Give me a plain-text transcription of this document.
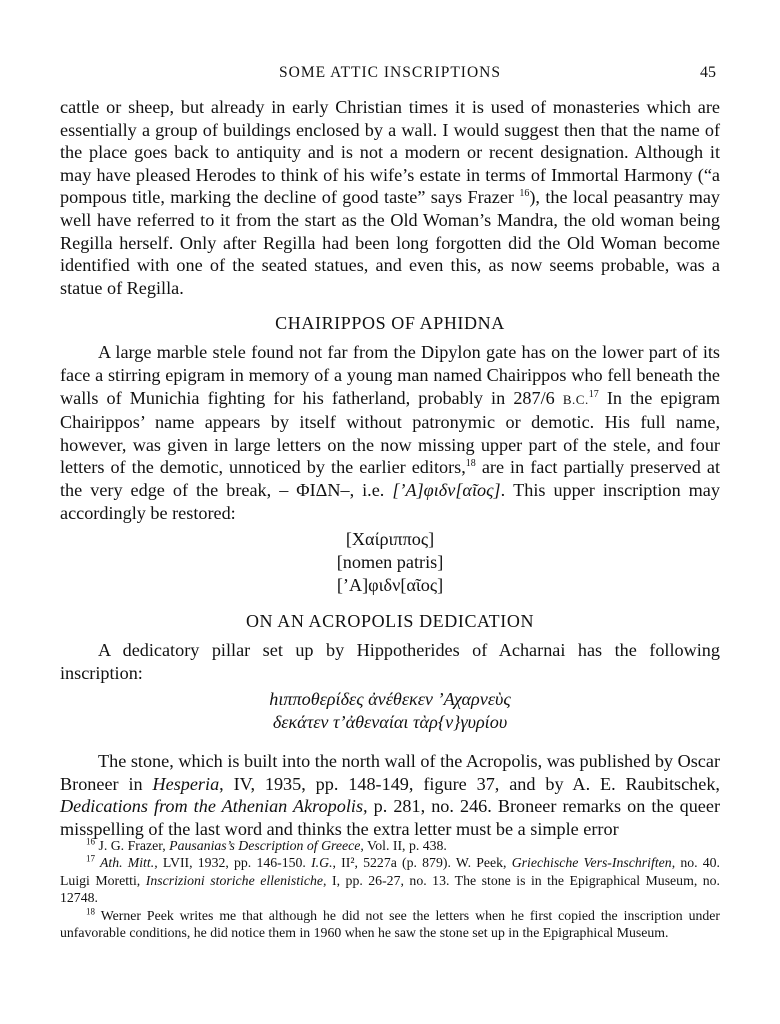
SOME ATTIC INSCRIPTIONS	45

cattle or sheep, but already in early Christian times it is used of monasteries which are essentially a group of buildings enclosed by a wall. I would suggest then that the name of the place goes back to antiquity and is not a modern or recent designation. Although it may have pleased Herodes to think of his wife’s estate in terms of Immortal Harmony (“a pompous title, marking the decline of good taste” says Frazer $^{16}$), the local peasantry may well have referred to it from the start as the Old Woman’s Mandra, the old woman being Regilla herself. Only after Regilla had been long forgotten did the Old Woman become identified with one of the seated statues, and even this, as now seems probable, was a statue of Regilla.

CHAIRIPPOS OF APHIDNA

A large marble stele found not far from the Dipylon gate has on the lower part of its face a stirring epigram in memory of a young man named Chairippos who fell beneath the walls of Munichia fighting for his fatherland, probably in 287/6 B.C.$^{17}$ In the epigram Chairippos’ name appears by itself without patronymic or demotic. His full name, however, was given in large letters on the now missing upper part of the stele, and four letters of the demotic, unnoticed by the earlier editors,$^{18}$ are in fact partially preserved at the very edge of the break, – ΦΙΔΝ–, i.e. [’Α]φιδν[αῖος]. This upper inscription may accordingly be restored:

[Χαίριππος]
[nomen patris]
[’Α]φιδν[αῖος]
ON AN ACROPOLIS DEDICATION

A dedicatory pillar set up by Hippotherides of Acharnai has the following inscription:

hιπποθερίδες ἀνέθεκεν ’Αχαρνεὺς
δεκάτεν τ’ἀθεναίαι τὰρ{ν}γυρίου

The stone, which is built into the north wall of the Acropolis, was published by Oscar Broneer in Hesperia, IV, 1935, pp. 148-149, figure 37, and by A. E. Raubitschek, Dedications from the Athenian Akropolis, p. 281, no. 246. Broneer remarks on the queer misspelling of the last word and thinks the extra letter must be a simple error

$^{16}$ J. G. Frazer, Pausanias’s Description of Greece, Vol. II, p. 438.

$^{17}$ Ath. Mitt., LVII, 1932, pp. 146-150. I.G., II², 5227a (p. 879). W. Peek, Griechische Vers-Inschriften, no. 40. Luigi Moretti, Inscrizioni storiche ellenistiche, I, pp. 26-27, no. 13. The stone is in the Epigraphical Museum, no. 12748.

$^{18}$ Werner Peek writes me that although he did not see the letters when he first copied the inscription under unfavorable conditions, he did notice them in 1960 when he saw the stone set up in the Epigraphical Museum.
